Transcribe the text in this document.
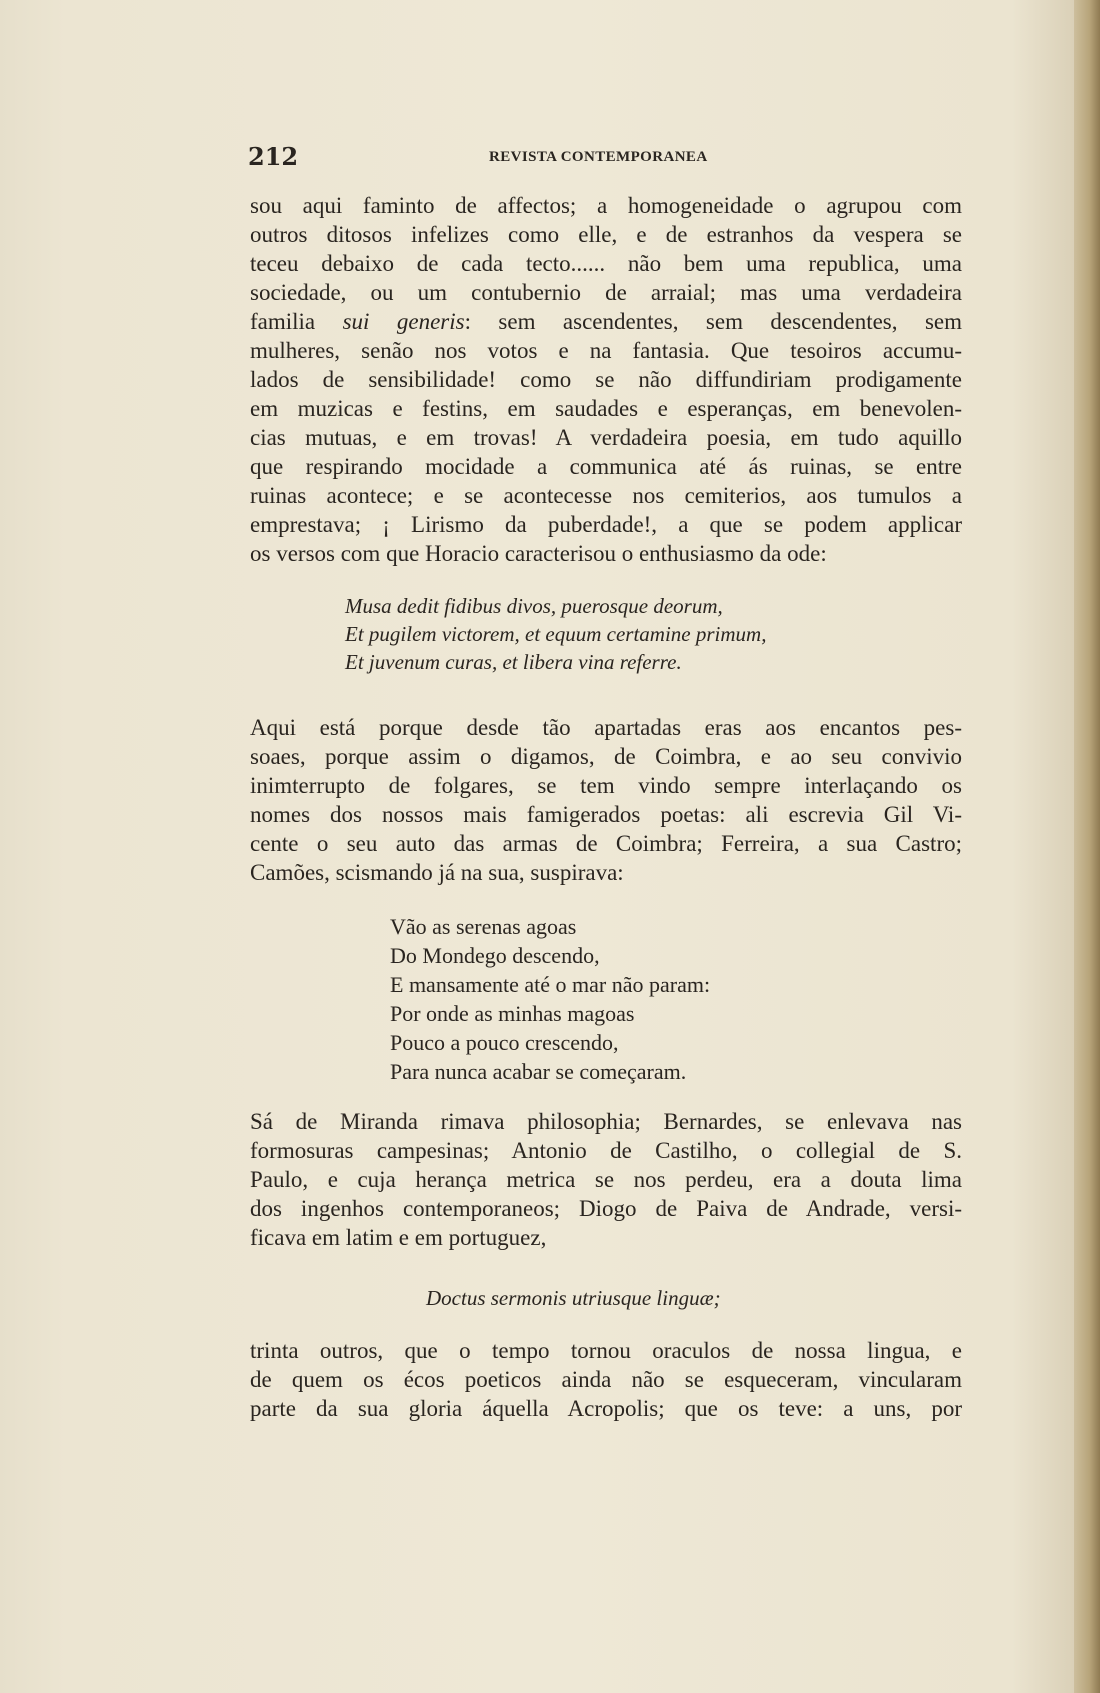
212	REVISTA CONTEMPORANEA
sou aqui faminto de affectos; a homogeneidade o agrupou com
outros ditosos infelizes como elle, e de estranhos da vespera se
teceu debaixo de cada tecto...... não bem uma republica, uma
sociedade, ou um contubernio de arraial; mas uma verdadeira
familia sui generis: sem ascendentes, sem descendentes, sem
mulheres, senão nos votos e na fantasia. Que tesoiros accumu-
lados de sensibilidade! como se não diffundiriam prodigamente
em muzicas e festins, em saudades e esperanças, em benevolen-
cias mutuas, e em trovas! A verdadeira poesia, em tudo aquillo
que respirando mocidade a communica até ás ruinas, se entre
ruinas acontece; e se acontecesse nos cemiterios, aos tumulos a
emprestava; ¡ Lirismo da puberdade!, a que se podem applicar
os versos com que Horacio caracterisou o enthusiasmo da ode:
Musa dedit fidibus divos, puerosque deorum,
Et pugilem victorem, et equum certamine primum,
Et juvenum curas, et libera vina referre.
Aqui está porque desde tão apartadas eras aos encantos pes-
soaes, porque assim o digamos, de Coimbra, e ao seu convivio
inimterrupto de folgares, se tem vindo sempre interlaçando os
nomes dos nossos mais famigerados poetas: ali escrevia Gil Vi-
cente o seu auto das armas de Coimbra; Ferreira, a sua Castro;
Camões, scismando já na sua, suspirava:
Vão as serenas agoas
Do Mondego descendo,
E mansamente até o mar não param:
Por onde as minhas magoas
Pouco a pouco crescendo,
Para nunca acabar se começaram.
Sá de Miranda rimava philosophia; Bernardes, se enlevava nas
formosuras campesinas; Antonio de Castilho, o collegial de S.
Paulo, e cuja herança metrica se nos perdeu, era a douta lima
dos ingenhos contemporaneos; Diogo de Paiva de Andrade, versi-
ficava em latim e em portuguez,
Doctus sermonis utriusque linguæ;
trinta outros, que o tempo tornou oraculos de nossa lingua, e
de quem os écos poeticos ainda não se esqueceram, vincularam
parte da sua gloria áquella Acropolis; que os teve: a uns, por
